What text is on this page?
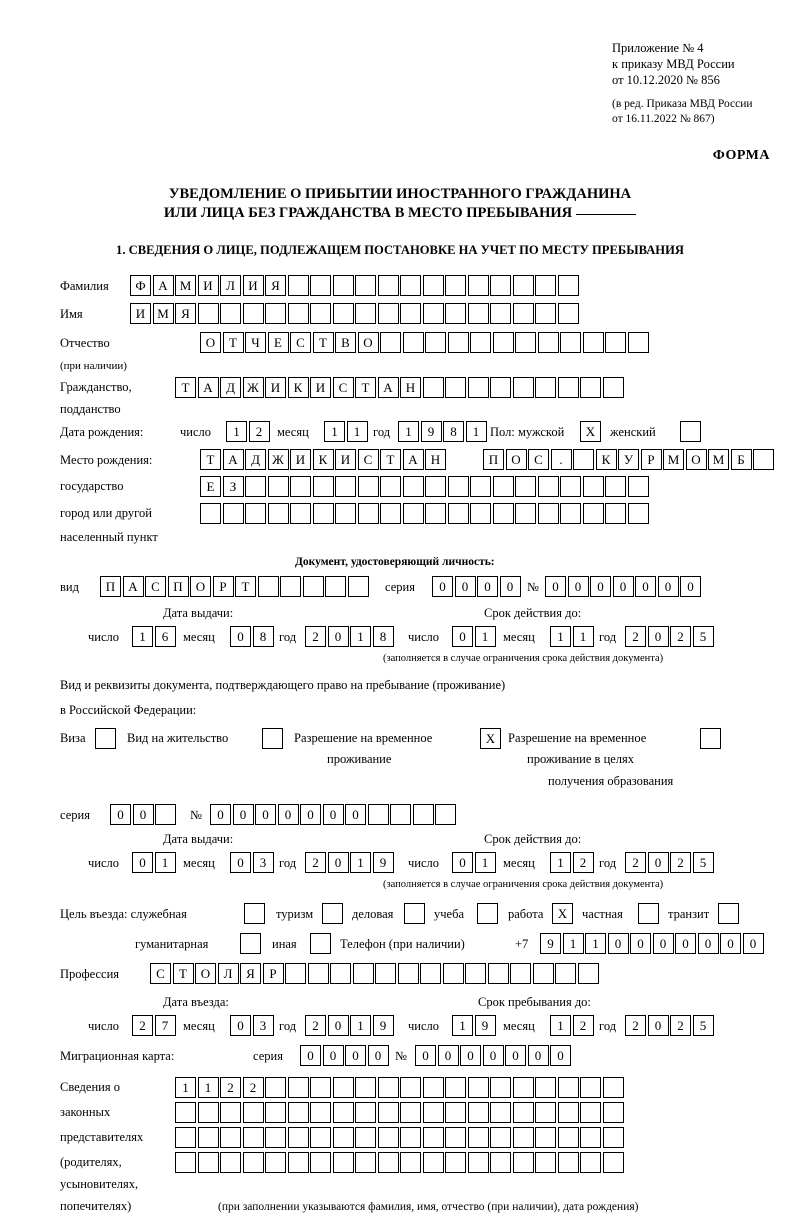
Приложение № 4
к приказу МВД России
от 10.12.2020 № 856
(в ред. Приказа МВД России
от 16.11.2022 № 867)
ФОРМА
УВЕДОМЛЕНИЕ О ПРИБЫТИИ ИНОСТРАННОГО ГРАЖДАНИНА
ИЛИ ЛИЦА БЕЗ ГРАЖДАНСТВА В МЕСТО ПРЕБЫВАНИЯ
1. СВЕДЕНИЯ О ЛИЦЕ, ПОДЛЕЖАЩЕМ ПОСТАНОВКЕ НА УЧЕТ ПО МЕСТУ ПРЕБЫВАНИЯ
Фамилия	Ф А М И	Л	И	Я
Имя	И М Я
Отчество	О	Т	Ч	Е	С	Т	В	О
(при наличии)
Гражданство,	Т	А	Д Ж И	К	И	С	Т	А	Н
подданство
Дата рождения:	число	1	2	месяц	1	1	год	1	9	8	1 Пол: мужской	Х	женский
Место рождения:	Т	А	Д Ж И	К	И	С	Т	А	Н	П	О	С	.	К	У	Р	М О М Б
государство	Е	З
город или другой
населенный пункт
Документ, удостоверяющий личность:
вид	П	А	С	П	О	Р	Т	серия	0	0	0	0	№	0	0	0	0	0	0	0
Дата выдачи:	Срок действия до:
число	1	6	месяц	0	8	год	2	0	1	8	число	0	1	месяц	1	1	год	2	0	2	5
(заполняется в случае ограничения срока действия документа)
Вид и реквизиты документа, подтверждающего право на пребывание (проживание)
в Российской Федерации:
Виза	Вид на жительство	Разрешение на временное	Х	Разрешение на временное
проживание	проживание в целях
получения образования
серия	0	0	№	0	0	0	0	0	0	0
Дата выдачи:	Срок действия до:
число	0	1	месяц	0	3	год	2	0	1	9	число	0	1	месяц	1	2	год	2	0	2	5
(заполняется в случае ограничения срока действия документа)
Цель въезда: служебная	туризм	деловая	учеба	работа	Х	частная	транзит
гуманитарная	иная	Телефон (при наличии)	+7	9	1	1	0	0	0	0	0	0	0
Профессия	С	Т	О	Л	Я	Р
Дата въезда:	Срок пребывания до:
число	2	7	месяц	0	3	год	2	0	1	9	число	1	9	месяц	1	2	год	2	0	2	5
Миграционная карта:	серия	0	0	0	0	№	0	0	0	0	0	0	0
Сведения о	1	1	2	2
законных
представителях
(родителях,
усыновителях,
попечителях)	(при заполнении указываются фамилия, имя, отчество (при наличии), дата рождения)
